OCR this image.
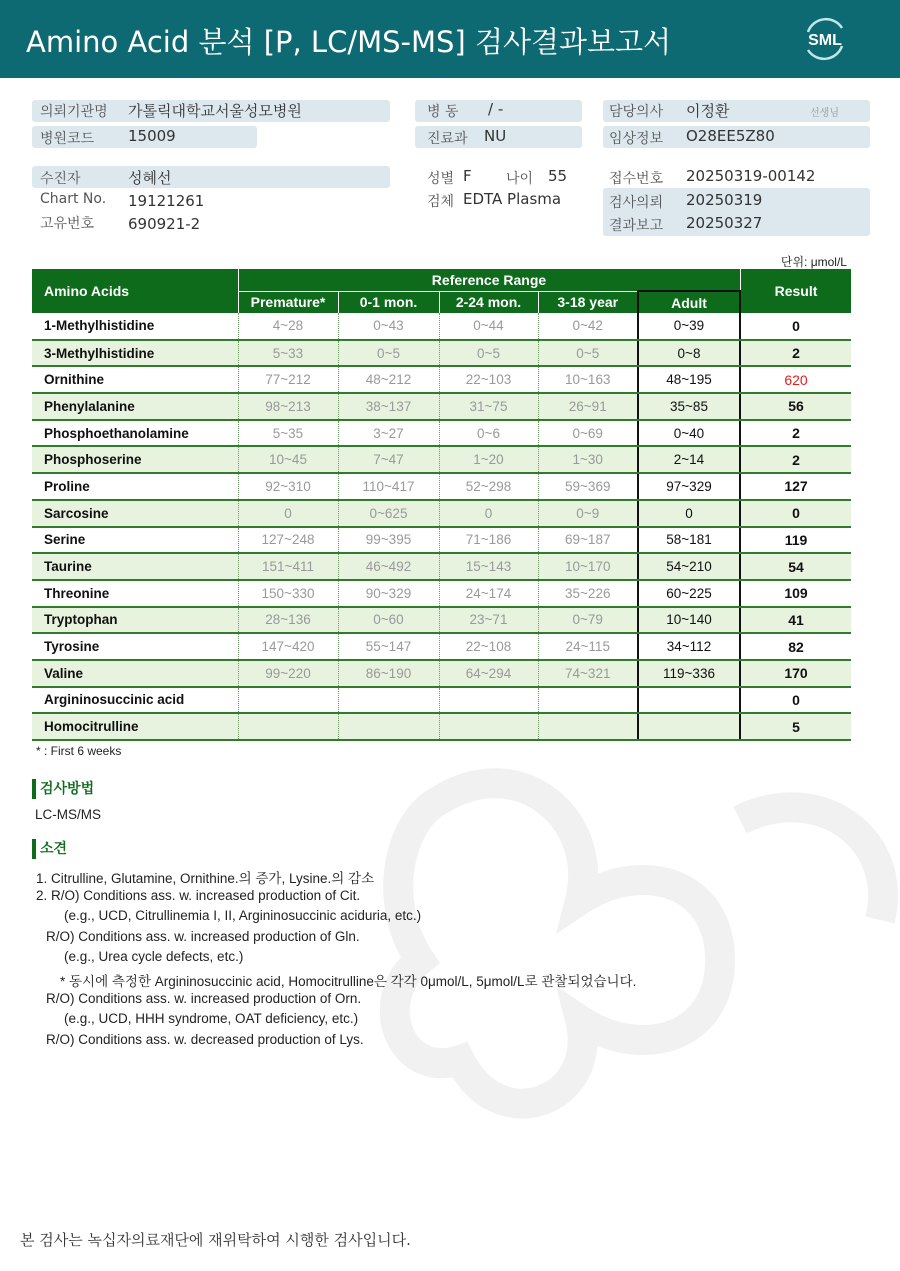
Amino Acid 분석 [P, LC/MS-MS] 검사결과보고서	SML
의뢰기관명 가톨릭대학교서울성모병원
병원코드 15009
수진자	성혜선
Chart No. 19121261
고유번호 690921-2
병 동 / -
진료과 NU
성별 F 나이 55
검체 EDTA Plasma
담당의사 이정환	선생님
임상정보 O28EE5Z80
접수번호 20250319-00142
검사의뢰 20250319
결과보고 20250327
단위: μmol/L
Amino Acids	Reference Range					Result
	Premature*	0-1 mon.	2-24 mon.	3-18 year	Adult	
1-Methylhistidine	4~28	0~43	0~44	0~42	0~39	0
3-Methylhistidine	5~33	0~5	0~5	0~5	0~8	2
Ornithine	77~212	48~212	22~103	10~163	48~195	620
Phenylalanine	98~213	38~137	31~75	26~91	35~85	56
Phosphoethanolamine	5~35	3~27	0~6	0~69	0~40	2
Phosphoserine	10~45	7~47	1~20	1~30	2~14	2
Proline	92~310	110~417	52~298	59~369	97~329	127
Sarcosine	0	0~625	0	0~9	0	0
Serine	127~248	99~395	71~186	69~187	58~181	119
Taurine	151~411	46~492	15~143	10~170	54~210	54
Threonine	150~330	90~329	24~174	35~226	60~225	109
Tryptophan	28~136	0~60	23~71	0~79	10~140	41
Tyrosine	147~420	55~147	22~108	24~115	34~112	82
Valine	99~220	86~190	64~294	74~321	119~336	170
Argininosuccinic acid						0
Homocitrulline						5
* : First 6 weeks
검사방법
LC-MS/MS
소견
1. Citrulline, Glutamine, Ornithine.의 증가, Lysine.의 감소
2. R/O) Conditions ass. w. increased production of Cit.
(e.g., UCD, Citrullinemia I, II, Argininosuccinic aciduria, etc.)
R/O) Conditions ass. w. increased production of Gln.
(e.g., Urea cycle defects, etc.)
* 동시에 측정한 Argininosuccinic acid, Homocitrulline은 각각 0μmol/L, 5μmol/L로 관찰되었습니다.
R/O) Conditions ass. w. increased production of Orn.
(e.g., UCD, HHH syndrome, OAT deficiency, etc.)
R/O) Conditions ass. w. decreased production of Lys.
본 검사는 녹십자의료재단에 재위탁하여 시행한 검사입니다.
